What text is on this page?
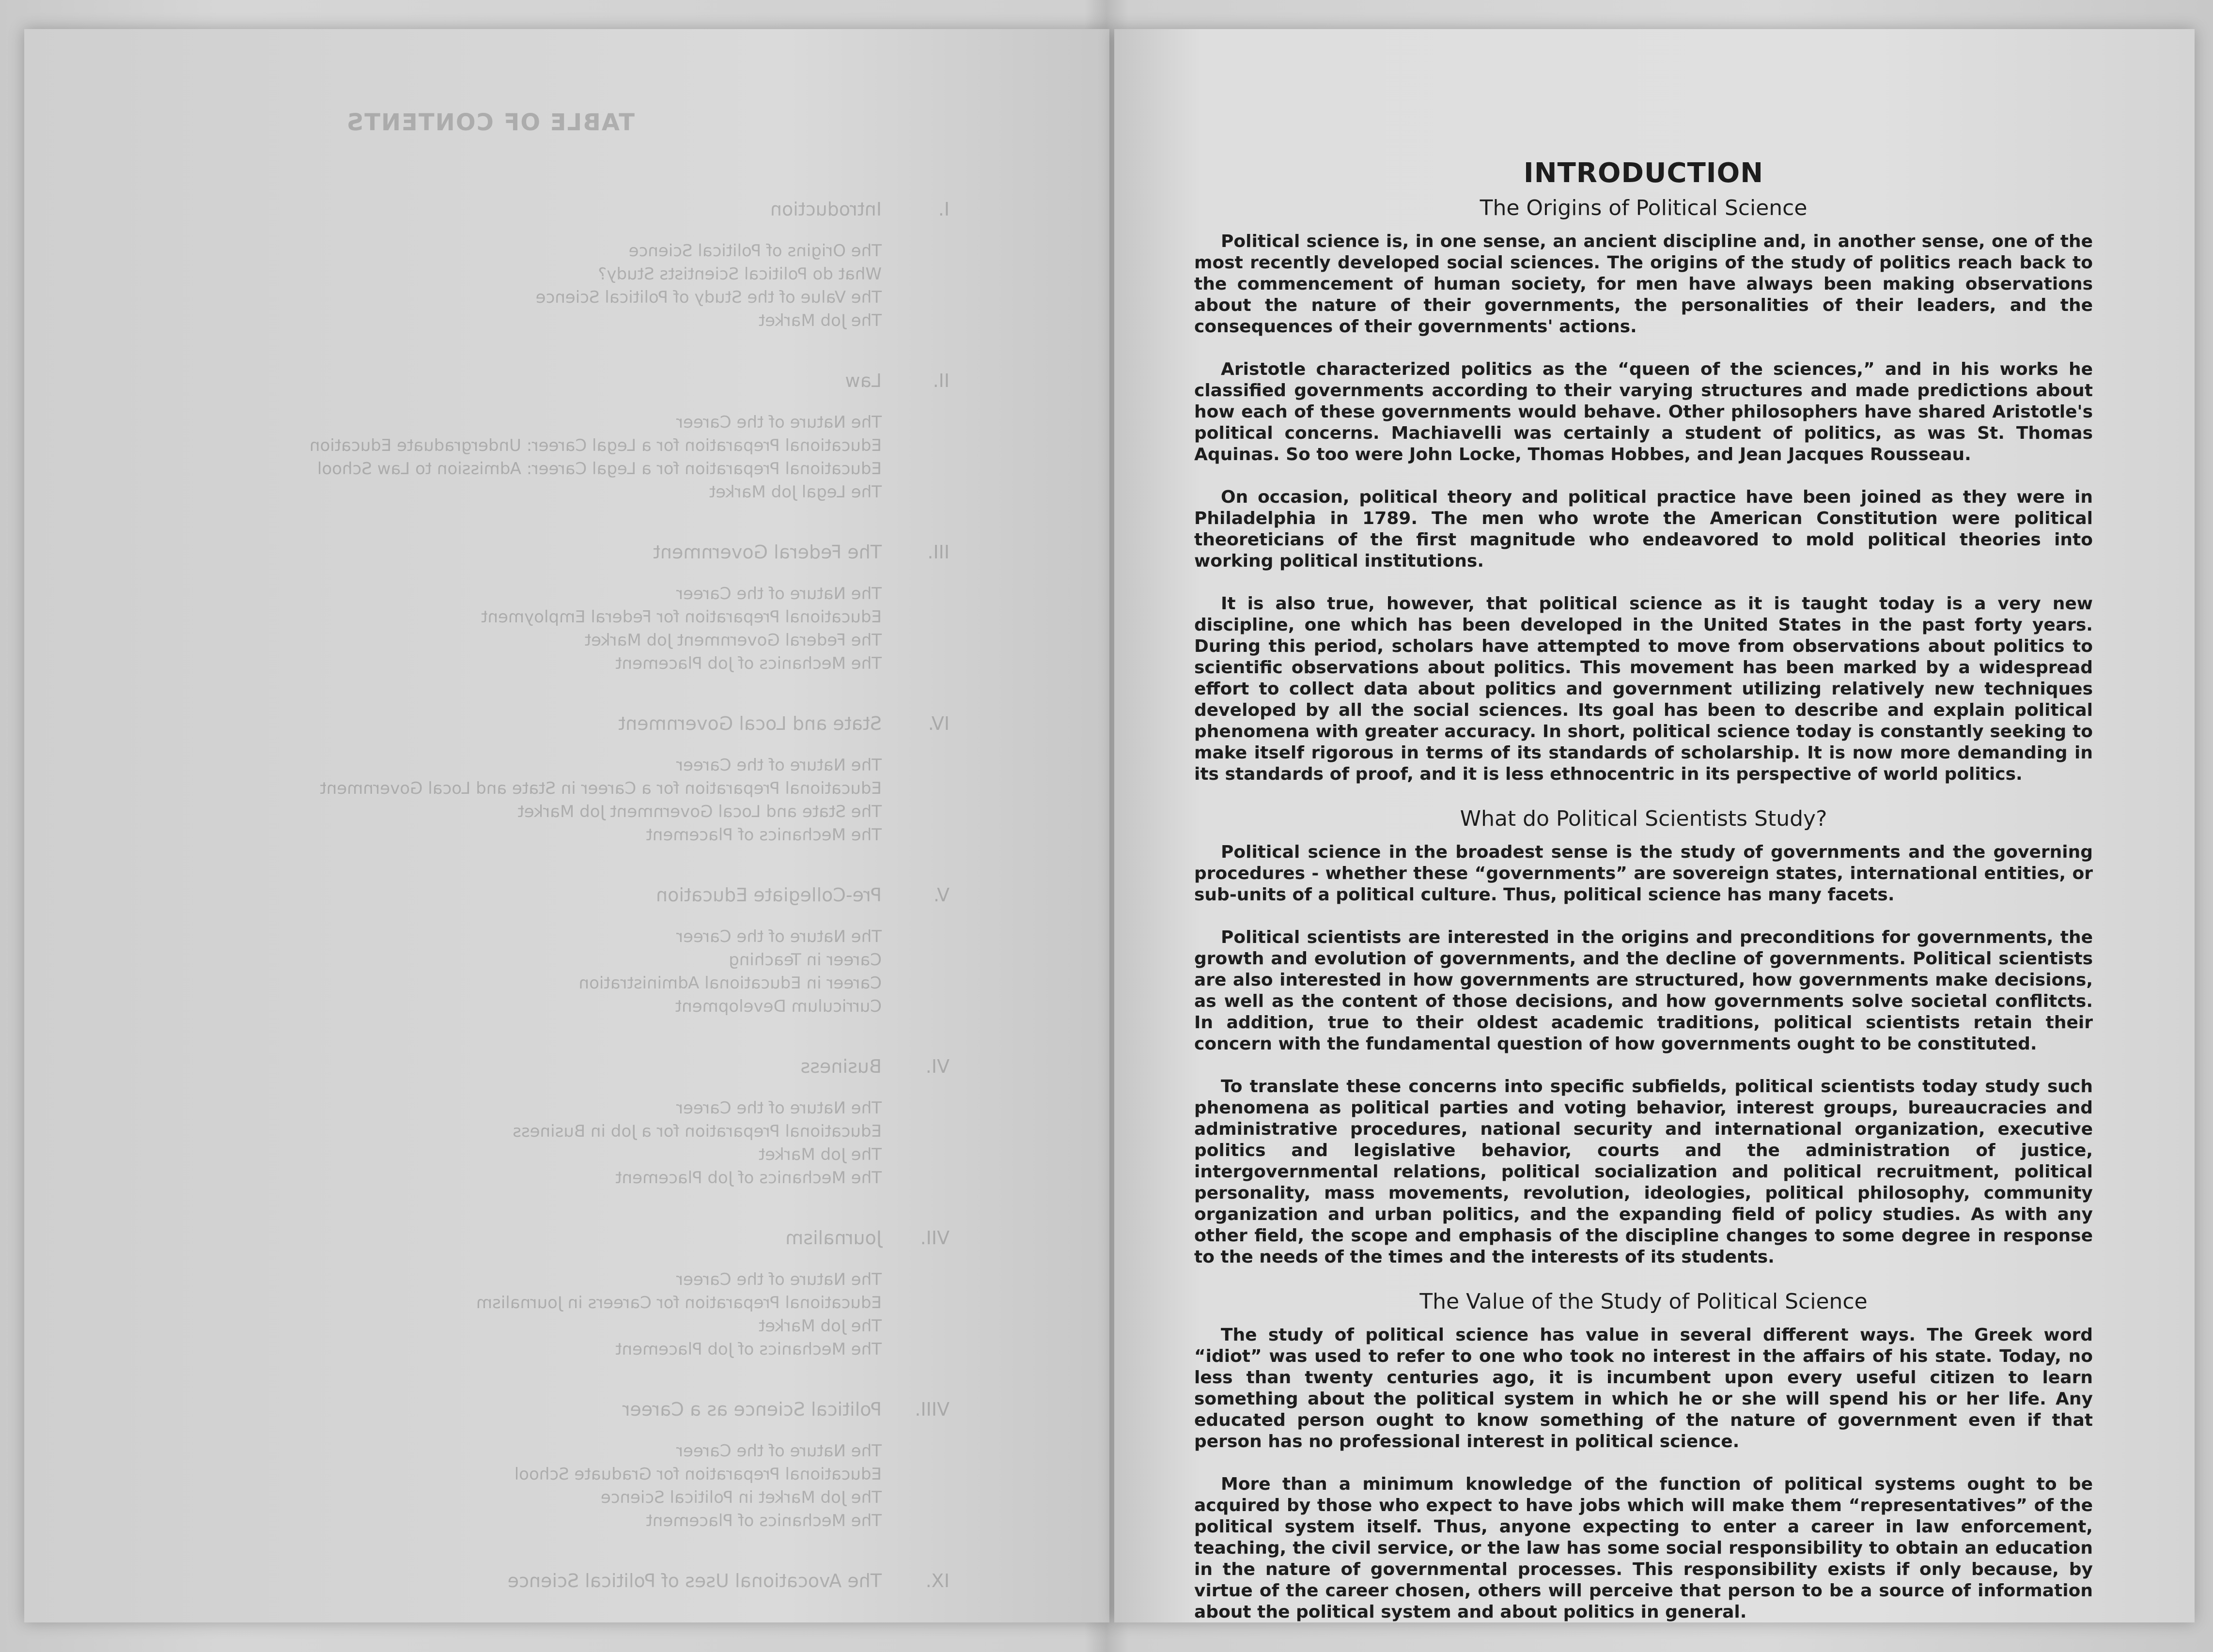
TABLE OF CONTENTS
I.
Introduction
The Origins of Political Science
What do Political Scientists Study?
The Value of the Study of Political Science
The Job Market
II.
Law
The Nature of the Career
Educational Preparation for a Legal Career: Undergraduate Education
Educational Preparation for a Legal Career: Admission to Law School
The Legal Job Market
III.
The Federal Government
The Nature of the Career
Educational Preparation for Federal Employment
The Federal Government Job Market
The Mechanics of Job Placement
IV.
State and Local Government
The Nature of the Career
Educational Preparation for a Career in State and Local Government
The State and Local Government Job Market
The Mechanics of Placement
V.
Pre-Collegiate Education
The Nature of the Career
Career in Teaching
Career in Educational Administration
Curriculum Development
VI.
Business
The Nature of the Career
Educational Preparation for a Job in Business
The Job Market
The Mechanics of Job Placement
VII.
Journalism
The Nature of the Career
Educational Preparation for Careers in Journalism
The Job Market
The Mechanics of Job Placement
VIII.
Political Science as a Career
The Nature of the Career
Educational Preparation for Graduate School
The Job Market in Political Science
The Mechanics of Placement
IX.
The Avocational Uses of Political Science
INTRODUCTION
The Origins of Political Science

Political science is, in one sense, an ancient discipline and, in another sense, one of the most recently developed social sciences. The origins of the study of politics reach back to the commencement of human society, for men have always been making observations about the nature of their governments, the personalities of their leaders, and the consequences of their governments' actions.

Aristotle characterized politics as the “queen of the sciences,” and in his works he classified governments according to their varying structures and made predictions about how each of these governments would behave. Other philosophers have shared Aristotle's political concerns. Machiavelli was certainly a student of politics, as was St. Thomas Aquinas. So too were John Locke, Thomas Hobbes, and Jean Jacques Rousseau.

On occasion, political theory and political practice have been joined as they were in Philadelphia in 1789. The men who wrote the American Constitution were political theoreticians of the first magnitude who endeavored to mold political theories into working political institutions.

It is also true, however, that political science as it is taught today is a very new discipline, one which has been developed in the United States in the past forty years. During this period, scholars have attempted to move from observations about politics to scientific observations about politics. This movement has been marked by a widespread effort to collect data about politics and government utilizing relatively new techniques developed by all the social sciences. Its goal has been to describe and explain political phenomena with greater accuracy. In short, political science today is constantly seeking to make itself rigorous in terms of its standards of scholarship. It is now more demanding in its standards of proof, and it is less ethnocentric in its perspective of world politics.

What do Political Scientists Study?

Political science in the broadest sense is the study of governments and the governing procedures - whether these “governments” are sovereign states, international entities, or sub-units of a political culture. Thus, political science has many facets.

Political scientists are interested in the origins and preconditions for governments, the growth and evolution of governments, and the decline of governments. Political scientists are also interested in how governments are structured, how governments make decisions, as well as the content of those decisions, and how governments solve societal conflitcts. In addition, true to their oldest academic traditions, political scientists retain their concern with the fundamental question of how governments ought to be constituted.

To translate these concerns into specific subfields, political scientists today study such phenomena as political parties and voting behavior, interest groups, bureaucracies and administrative procedures, national security and international organization, executive politics and legislative behavior, courts and the administration of justice, intergovernmental relations, political socialization and political recruitment, political personality, mass movements, revolution, ideologies, political philosophy, community organization and urban politics, and the expanding field of policy studies. As with any other field, the scope and emphasis of the discipline changes to some degree in response to the needs of the times and the interests of its students.

The Value of the Study of Political Science

The study of political science has value in several different ways. The Greek word “idiot” was used to refer to one who took no interest in the affairs of his state. Today, no less than twenty centuries ago, it is incumbent upon every useful citizen to learn something about the political system in which he or she will spend his or her life. Any educated person ought to know something of the nature of government even if that person has no professional interest in political science.

More than a minimum knowledge of the function of political systems ought to be acquired by those who expect to have jobs which will make them “representatives” of the political system itself. Thus, anyone expecting to enter a career in law enforcement, teaching, the civil service, or the law has some social responsibility to obtain an education in the nature of governmental processes. This responsibility exists if only because, by virtue of the career chosen, others will perceive that person to be a source of information about the political system and about politics in general.
